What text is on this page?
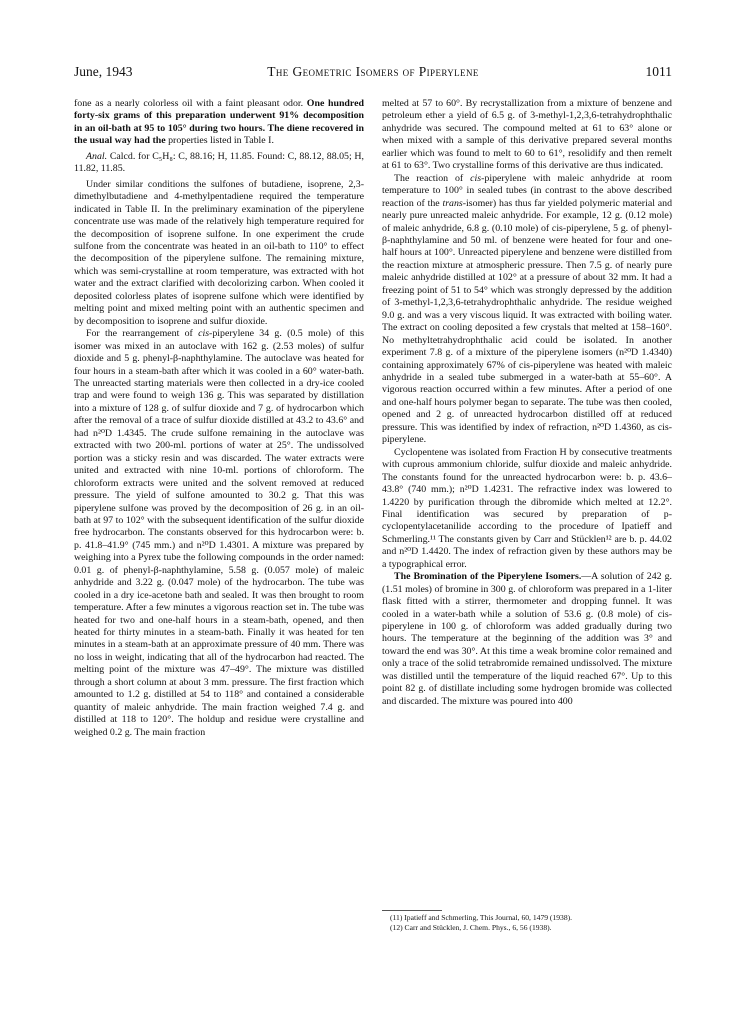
June, 1943	The Geometric Isomers of Piperylene	1011

fone as a nearly colorless oil with a faint pleasant odor. One hundred forty-six grams of this preparation underwent 91% decomposition in an oil-bath at 95 to 105° during two hours. The diene recovered in the usual way had the properties listed in Table I.

Anal. Calcd. for C₅H₈: C, 88.16; H, 11.85. Found: C, 88.12, 88.05; H, 11.82, 11.85.

Under similar conditions the sulfones of butadiene, isoprene, 2,3-dimethylbutadiene and 4-methylpentadiene required the temperature indicated in Table II. In the preliminary examination of the piperylene concentrate use was made of the relatively high temperature required for the decomposition of isoprene sulfone. In one experiment the crude sulfone from the concentrate was heated in an oil-bath to 110° to effect the decomposition of the piperylene sulfone. The remaining mixture, which was semi-crystalline at room temperature, was extracted with hot water and the extract clarified with decolorizing carbon. When cooled it deposited colorless plates of isoprene sulfone which were identified by melting point and mixed melting point with an authentic specimen and by decomposition to isoprene and sulfur dioxide.

For the rearrangement of cis-piperylene 34 g. (0.5 mole) of this isomer was mixed in an autoclave with 162 g. (2.53 moles) of sulfur dioxide and 5 g. phenyl-β-naphthylamine. The autoclave was heated for four hours in a steam-bath after which it was cooled in a 60° water-bath. The unreacted starting materials were then collected in a dry-ice cooled trap and were found to weigh 136 g. This was separated by distillation into a mixture of 128 g. of sulfur dioxide and 7 g. of hydrocarbon which after the removal of a trace of sulfur dioxide distilled at 43.2 to 43.6° and had n²⁰D 1.4345. The crude sulfone remaining in the autoclave was extracted with two 200-ml. portions of water at 25°. The undissolved portion was a sticky resin and was discarded. The water extracts were united and extracted with nine 10-ml. portions of chloroform. The chloroform extracts were united and the solvent removed at reduced pressure. The yield of sulfone amounted to 30.2 g. That this was piperylene sulfone was proved by the decomposition of 26 g. in an oil-bath at 97 to 102° with the subsequent identification of the sulfur dioxide free hydrocarbon. The constants observed for this hydrocarbon were: b. p. 41.8–41.9° (745 mm.) and n²⁰D 1.4301. A mixture was prepared by weighing into a Pyrex tube the following compounds in the order named: 0.01 g. of phenyl-β-naphthylamine, 5.58 g. (0.057 mole) of maleic anhydride and 3.22 g. (0.047 mole) of the hydrocarbon. The tube was cooled in a dry ice-acetone bath and sealed. It was then brought to room temperature. After a few minutes a vigorous reaction set in. The tube was heated for two and one-half hours in a steam-bath, opened, and then heated for thirty minutes in a steam-bath. Finally it was heated for ten minutes in a steam-bath at an approximate pressure of 40 mm. There was no loss in weight, indicating that all of the hydrocarbon had reacted. The melting point of the mixture was 47–49°. The mixture was distilled through a short column at about 3 mm. pressure. The first fraction which amounted to 1.2 g. distilled at 54 to 118° and contained a considerable quantity of maleic anhydride. The main fraction weighed 7.4 g. and distilled at 118 to 120°. The holdup and residue were crystalline and weighed 0.2 g. The main fraction

melted at 57 to 60°. By recrystallization from a mixture of benzene and petroleum ether a yield of 6.5 g. of 3-methyl-1,2,3,6-tetrahydrophthalic anhydride was secured. The compound melted at 61 to 63° alone or when mixed with a sample of this derivative prepared several months earlier which was found to melt to 60 to 61°, resolidify and then remelt at 61 to 63°. Two crystalline forms of this derivative are thus indicated.

The reaction of cis-piperylene with maleic anhydride at room temperature to 100° in sealed tubes (in contrast to the above described reaction of the trans-isomer) has thus far yielded polymeric material and nearly pure unreacted maleic anhydride. For example, 12 g. (0.12 mole) of maleic anhydride, 6.8 g. (0.10 mole) of cis-piperylene, 5 g. of phenyl-β-naphthylamine and 50 ml. of benzene were heated for four and one-half hours at 100°. Unreacted piperylene and benzene were distilled from the reaction mixture at atmospheric pressure. Then 7.5 g. of nearly pure maleic anhydride distilled at 102° at a pressure of about 32 mm. It had a freezing point of 51 to 54° which was strongly depressed by the addition of 3-methyl-1,2,3,6-tetrahydrophthalic anhydride. The residue weighed 9.0 g. and was a very viscous liquid. It was extracted with boiling water. The extract on cooling deposited a few crystals that melted at 158–160°. No methyltetrahydrophthalic acid could be isolated. In another experiment 7.8 g. of a mixture of the piperylene isomers (n²⁰D 1.4340) containing approximately 67% of cis-piperylene was heated with maleic anhydride in a sealed tube submerged in a water-bath at 55–60°. A vigorous reaction occurred within a few minutes. After a period of one and one-half hours polymer began to separate. The tube was then cooled, opened and 2 g. of unreacted hydrocarbon distilled off at reduced pressure. This was identified by index of refraction, n²⁰D 1.4360, as cis-piperylene.

Cyclopentene was isolated from Fraction H by consecutive treatments with cuprous ammonium chloride, sulfur dioxide and maleic anhydride. The constants found for the unreacted hydrocarbon were: b. p. 43.6–43.8° (740 mm.); n²⁰D 1.4231. The refractive index was lowered to 1.4220 by purification through the dibromide which melted at 12.2°. Final identification was secured by preparation of p-cyclopentylacetanilide according to the procedure of Ipatieff and Schmerling.¹¹ The constants given by Carr and Stücklen¹² are b. p. 44.02 and n²⁰D 1.4420. The index of refraction given by these authors may be a typographical error.

The Bromination of the Piperylene Isomers.—A solution of 242 g. (1.51 moles) of bromine in 300 g. of chloroform was prepared in a 1-liter flask fitted with a stirrer, thermometer and dropping funnel. It was cooled in a water-bath while a solution of 53.6 g. (0.8 mole) of cis-piperylene in 100 g. of chloroform was added gradually during two hours. The temperature at the beginning of the addition was 3° and toward the end was 30°. At this time a weak bromine color remained and only a trace of the solid tetrabromide remained undissolved. The mixture was distilled until the temperature of the liquid reached 67°. Up to this point 82 g. of distillate including some hydrogen bromide was collected and discarded. The mixture was poured into 400

(11) Ipatieff and Schmerling, This Journal, 60, 1479 (1938).
(12) Carr and Stücklen, J. Chem. Phys., 6, 56 (1938).
